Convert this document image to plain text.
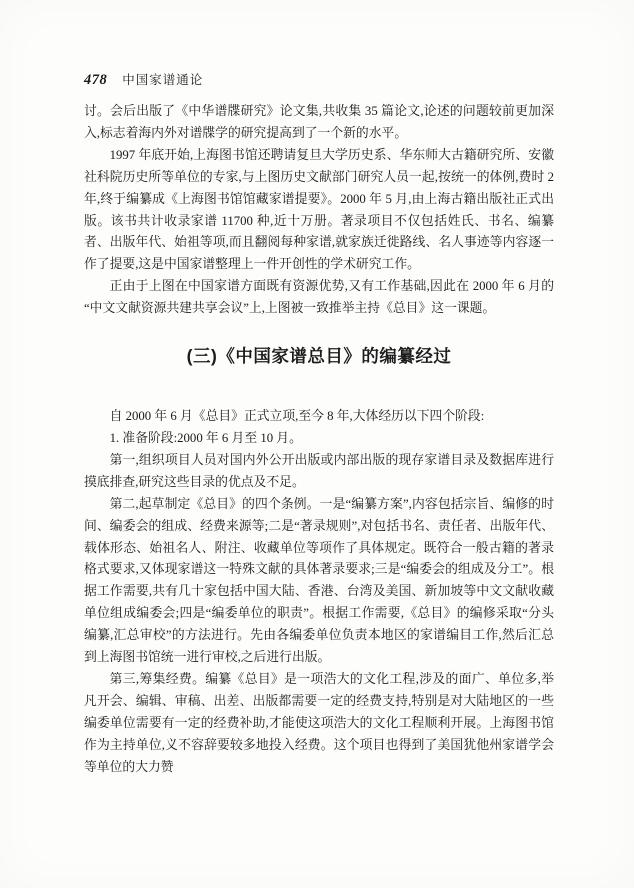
478 中国家谱通论

讨。会后出版了《中华谱牒研究》论文集,共收集 35 篇论文,论述的问题较前更加深入,标志着海内外对谱牒学的研究提高到了一个新的水平。

1997 年底开始,上海图书馆还聘请复旦大学历史系、华东师大古籍研究所、安徽社科院历史所等单位的专家,与上图历史文献部门研究人员一起,按统一的体例,费时 2 年,终于编纂成《上海图书馆馆藏家谱提要》。2000 年 5 月,由上海古籍出版社正式出版。该书共计收录家谱 11700 种,近十万册。著录项目不仅包括姓氏、书名、编纂者、出版年代、始祖等项,而且翻阅每种家谱,就家族迁徙路线、名人事迹等内容逐一作了提要,这是中国家谱整理上一件开创性的学术研究工作。

正由于上图在中国家谱方面既有资源优势,又有工作基础,因此在 2000 年 6 月的“中文文献资源共建共享会议”上,上图被一致推举主持《总目》这一课题。

(三)《中国家谱总目》的编纂经过

自 2000 年 6 月《总目》正式立项,至今 8 年,大体经历以下四个阶段:

1. 准备阶段:2000 年 6 月至 10 月。

第一,组织项目人员对国内外公开出版或内部出版的现存家谱目录及数据库进行摸底排查,研究这些目录的优点及不足。

第二,起草制定《总目》的四个条例。一是“编纂方案”,内容包括宗旨、编修的时间、编委会的组成、经费来源等;二是“著录规则”,对包括书名、责任者、出版年代、载体形态、始祖名人、附注、收藏单位等项作了具体规定。既符合一般古籍的著录格式要求,又体现家谱这一特殊文献的具体著录要求;三是“编委会的组成及分工”。根据工作需要,共有几十家包括中国大陆、香港、台湾及美国、新加坡等中文文献收藏单位组成编委会;四是“编委单位的职责”。根据工作需要,《总目》的编修采取“分头编纂,汇总审校”的方法进行。先由各编委单位负责本地区的家谱编目工作,然后汇总到上海图书馆统一进行审校,之后进行出版。

第三,筹集经费。编纂《总目》是一项浩大的文化工程,涉及的面广、单位多,举凡开会、编辑、审稿、出差、出版都需要一定的经费支持,特别是对大陆地区的一些编委单位需要有一定的经费补助,才能使这项浩大的文化工程顺利开展。上海图书馆作为主持单位,义不容辞要较多地投入经费。这个项目也得到了美国犹他州家谱学会等单位的大力赞
